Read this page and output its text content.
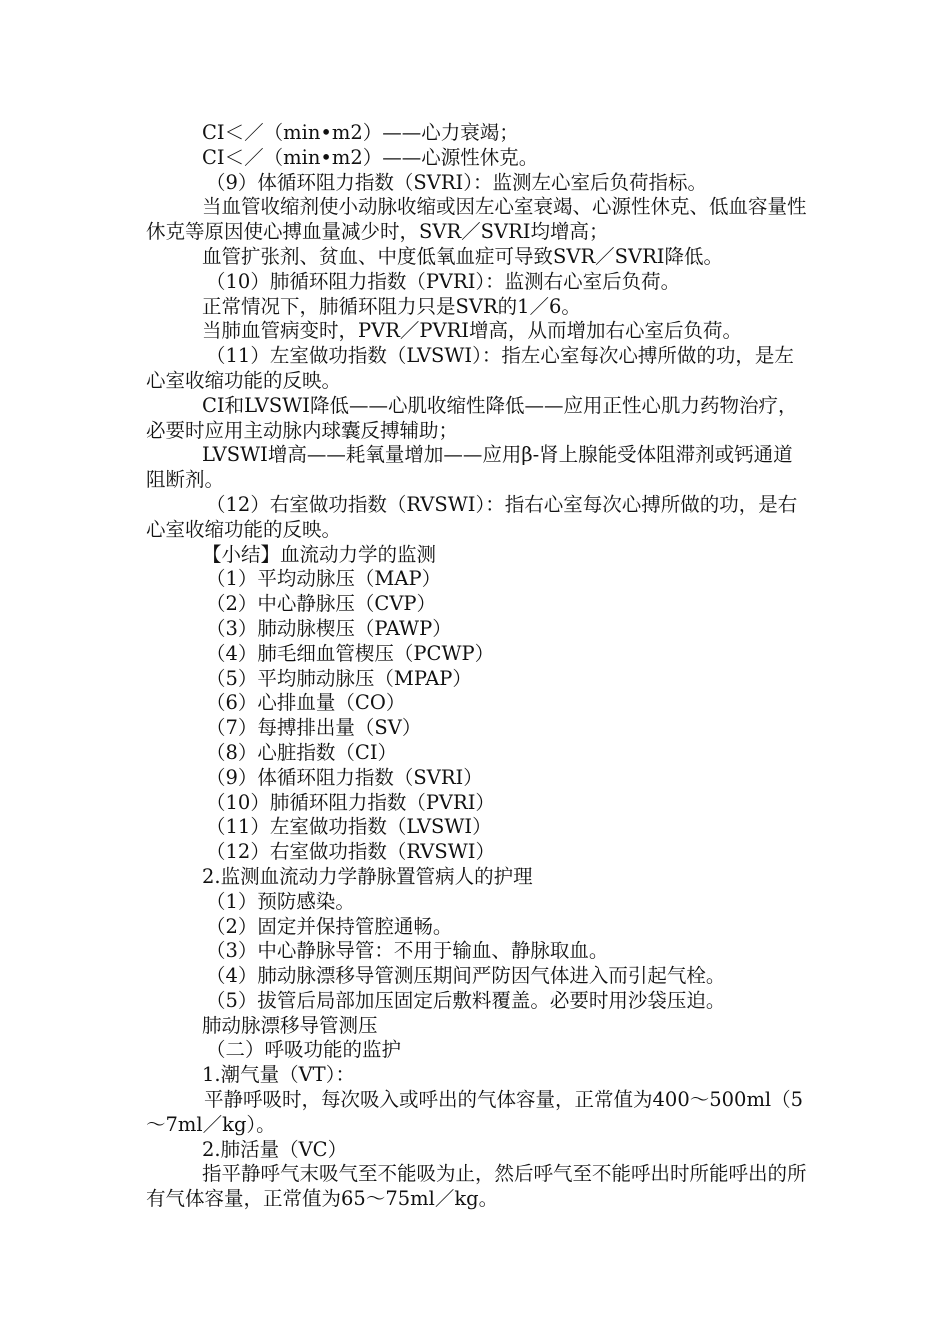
CI＜／（min•m2）——心力衰竭；

CI＜／（min•m2）——心源性休克。

（9）体循环阻力指数（SVRI）：监测左心室后负荷指标。

当血管收缩剂使小动脉收缩或因左心室衰竭、心源性休克、低血容量性休克等原因使心搏血量减少时，SVR／SVRI均增高；

血管扩张剂、贫血、中度低氧血症可导致SVR／SVRI降低。

（10）肺循环阻力指数（PVRI）：监测右心室后负荷。

正常情况下，肺循环阻力只是SVR的1／6。

当肺血管病变时，PVR／PVRI增高，从而增加右心室后负荷。

（11）左室做功指数（LVSWI）：指左心室每次心搏所做的功，是左心室收缩功能的反映。

CI和LVSWI降低——心肌收缩性降低——应用正性心肌力药物治疗，必要时应用主动脉内球囊反搏辅助；

LVSWI增高——耗氧量增加——应用β-肾上腺能受体阻滞剂或钙通道阻断剂。

（12）右室做功指数（RVSWI）：指右心室每次心搏所做的功，是右心室收缩功能的反映。

【小结】血流动力学的监测

（1）平均动脉压（MAP）

（2）中心静脉压（CVP）

（3）肺动脉楔压（PAWP）

（4）肺毛细血管楔压（PCWP）

（5）平均肺动脉压（MPAP）

（6）心排血量（CO）

（7）每搏排出量（SV）

（8）心脏指数（CI）

（9）体循环阻力指数（SVRI）

（10）肺循环阻力指数（PVRI）

（11）左室做功指数（LVSWI）

（12）右室做功指数（RVSWI）

2.监测血流动力学静脉置管病人的护理

（1）预防感染。

（2）固定并保持管腔通畅。

（3）中心静脉导管：不用于输血、静脉取血。

（4）肺动脉漂移导管测压期间严防因气体进入而引起气栓。

（5）拔管后局部加压固定后敷料覆盖。必要时用沙袋压迫。

肺动脉漂移导管测压

（二）呼吸功能的监护

1.潮气量（VT）：

平静呼吸时，每次吸入或呼出的气体容量，正常值为400～500ml（5～7ml／kg）。

2.肺活量（VC）

指平静呼气末吸气至不能吸为止，然后呼气至不能呼出时所能呼出的所有气体容量，正常值为65～75ml／kg。
